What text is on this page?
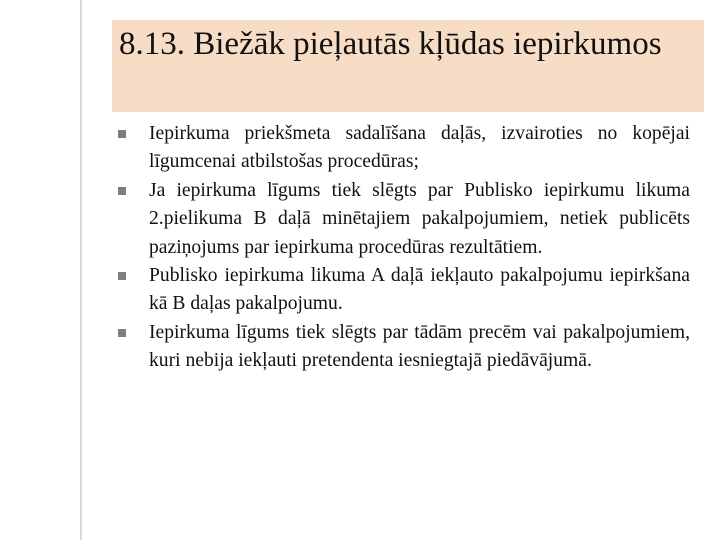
8.13. Biežāk pieļautās kļūdas iepirkumos
Iepirkuma priekšmeta sadalīšana daļās, izvairoties no kopējai līgumcenai atbilstošas procedūras;
Ja iepirkuma līgums tiek slēgts par Publisko iepirkumu likuma 2.pielikuma B daļā minētajiem pakalpojumiem, netiek publicēts paziņojums par iepirkuma procedūras rezultātiem.
Publisko iepirkuma likuma A daļā iekļauto pakalpojumu iepirkšana kā B daļas pakalpojumu.
Iepirkuma līgums tiek slēgts par tādām precēm vai pakalpojumiem, kuri nebija iekļauti pretendenta iesniegtajā piedāvājumā.
